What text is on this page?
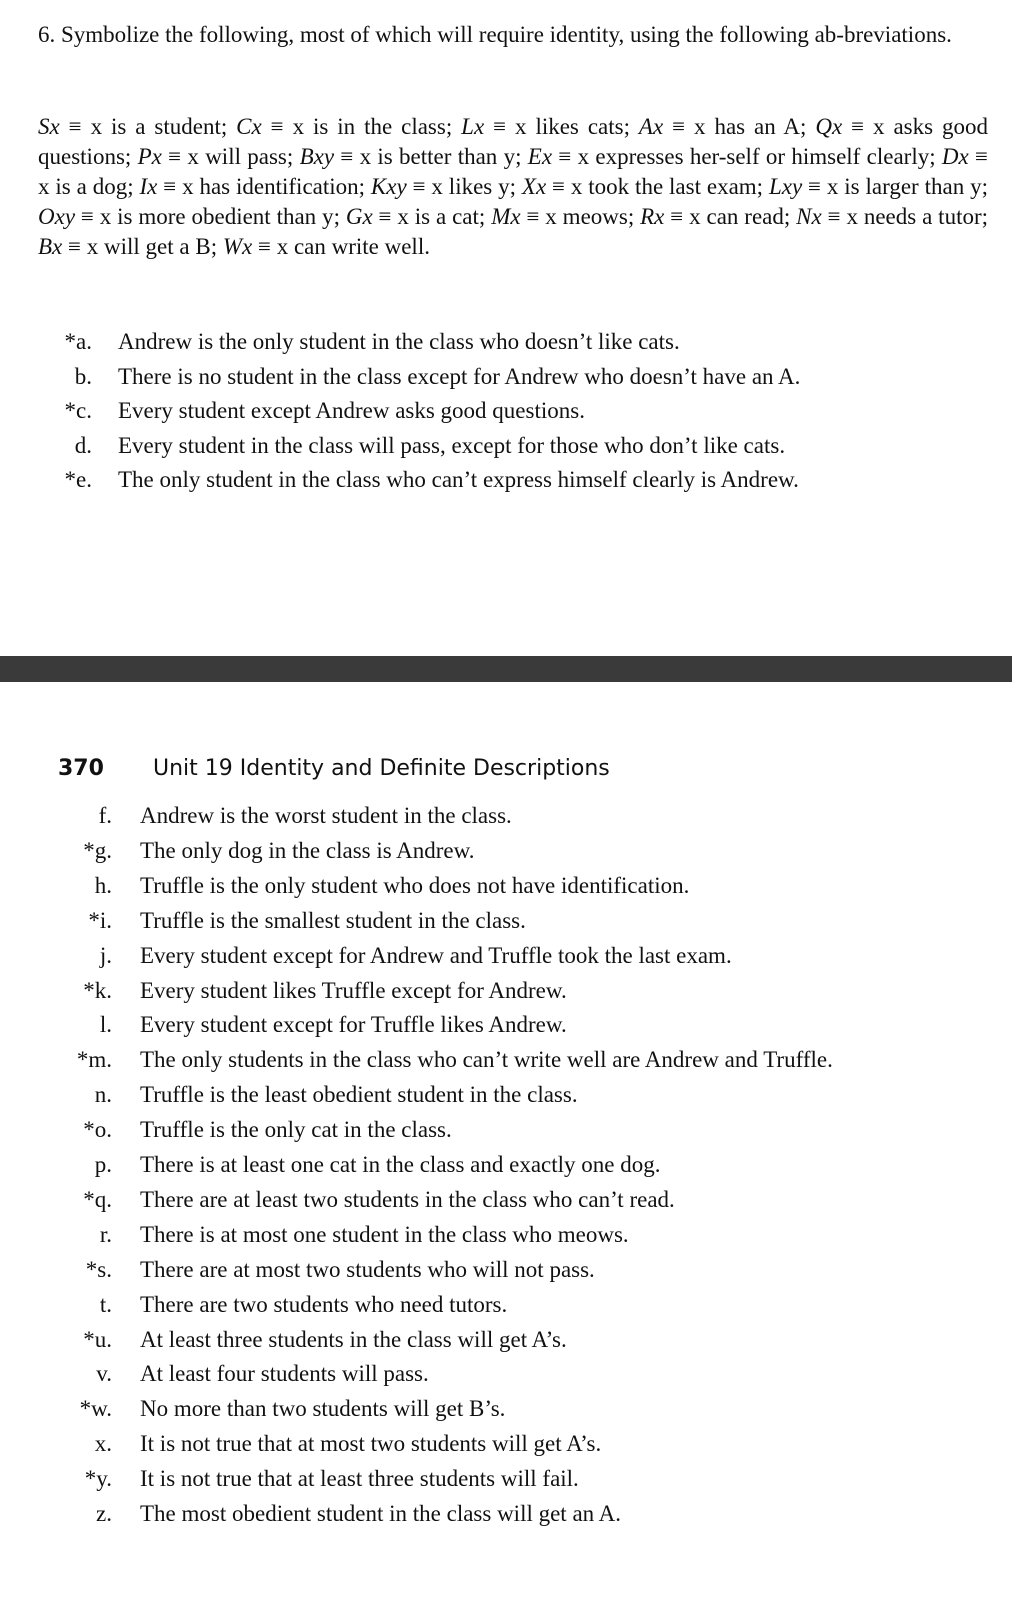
6. Symbolize the following, most of which will require identity, using the following ab-breviations.

Sx ≡ x is a student; Cx ≡ x is in the class; Lx ≡ x likes cats; Ax ≡ x has an A; Qx ≡ x asks good questions; Px ≡ x will pass; Bxy ≡ x is better than y; Ex ≡ x expresses her-self or himself clearly; Dx ≡ x is a dog; Ix ≡ x has identification; Kxy ≡ x likes y; Xx ≡ x took the last exam; Lxy ≡ x is larger than y; Oxy ≡ x is more obedient than y; Gx ≡ x is a cat; Mx ≡ x meows; Rx ≡ x can read; Nx ≡ x needs a tutor; Bx ≡ x will get a B; Wx ≡ x can write well.

*a. Andrew is the only student in the class who doesn’t like cats.
b. There is no student in the class except for Andrew who doesn’t have an A.
*c. Every student except Andrew asks good questions.
d. Every student in the class will pass, except for those who don’t like cats.
*e. The only student in the class who can’t express himself clearly is Andrew.
370 Unit 19 Identity and Definite Descriptions
f. Andrew is the worst student in the class.
*g. The only dog in the class is Andrew.
h. Truffle is the only student who does not have identification.
*i. Truffle is the smallest student in the class.
j. Every student except for Andrew and Truffle took the last exam.
*k. Every student likes Truffle except for Andrew.
l. Every student except for Truffle likes Andrew.
*m. The only students in the class who can’t write well are Andrew and Truffle.
n. Truffle is the least obedient student in the class.
*o. Truffle is the only cat in the class.
p. There is at least one cat in the class and exactly one dog.
*q. There are at least two students in the class who can’t read.
r. There is at most one student in the class who meows.
*s. There are at most two students who will not pass.
t. There are two students who need tutors.
*u. At least three students in the class will get A’s.
v. At least four students will pass.
*w. No more than two students will get B’s.
x. It is not true that at most two students will get A’s.
*y. It is not true that at least three students will fail.
z. The most obedient student in the class will get an A.
